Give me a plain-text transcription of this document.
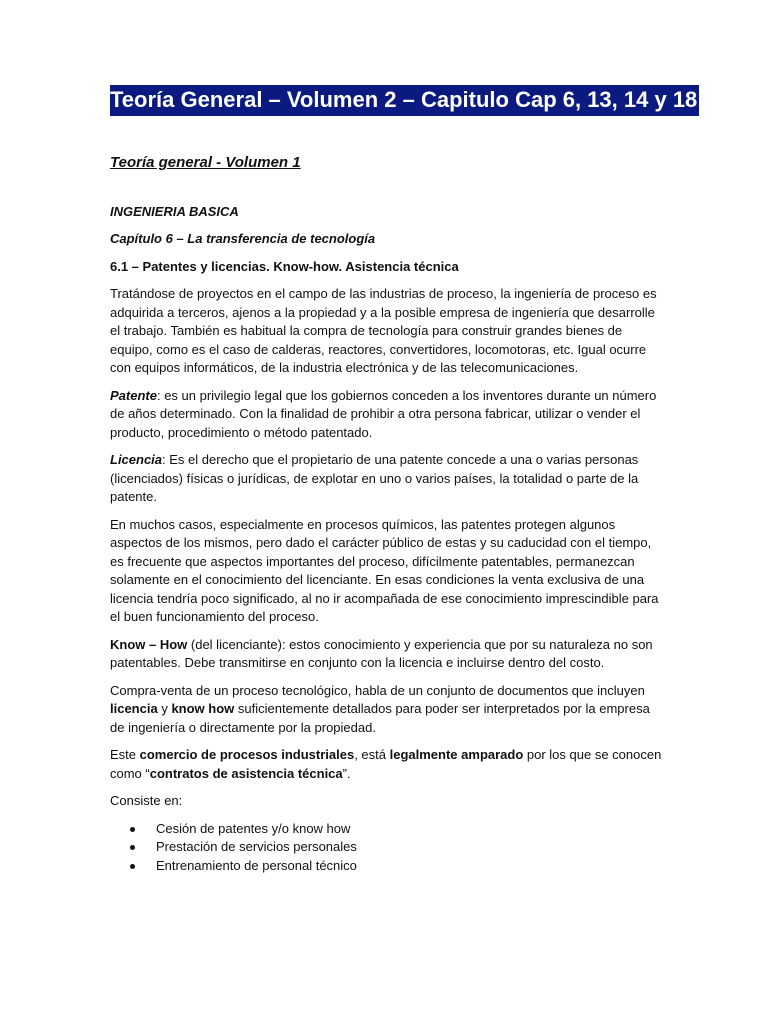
Teoría General – Volumen 2 – Capitulo Cap 6, 13, 14 y 18
Teoría general - Volumen 1
INGENIERIA BASICA
Capítulo 6 – La transferencia de tecnología
6.1 – Patentes y licencias. Know-how. Asistencia técnica

Tratándose de proyectos en el campo de las industrias de proceso, la ingeniería de proceso es adquirida a terceros, ajenos a la propiedad y a la posible empresa de ingeniería que desarrolle el trabajo. También es habitual la compra de tecnología para construir grandes bienes de equipo, como es el caso de calderas, reactores, convertidores, locomotoras, etc. Igual ocurre con equipos informáticos, de la industria electrónica y de las telecomunicaciones.

Patente: es un privilegio legal que los gobiernos conceden a los inventores durante un número de años determinado. Con la finalidad de prohibir a otra persona fabricar, utilizar o vender el producto, procedimiento o método patentado.

Licencia: Es el derecho que el propietario de una patente concede a una o varias personas (licenciados) físicas o jurídicas, de explotar en uno o varios países, la totalidad o parte de la patente.

En muchos casos, especialmente en procesos químicos, las patentes protegen algunos aspectos de los mismos, pero dado el carácter público de estas y su caducidad con el tiempo, es frecuente que aspectos importantes del proceso, difícilmente patentables, permanezcan solamente en el conocimiento del licenciante. En esas condiciones la venta exclusiva de una licencia tendría poco significado, al no ir acompañada de ese conocimiento imprescindible para el buen funcionamiento del proceso.

Know – How (del licenciante): estos conocimiento y experiencia que por su naturaleza no son patentables. Debe transmitirse en conjunto con la licencia e incluirse dentro del costo.

Compra-venta de un proceso tecnológico, habla de un conjunto de documentos que incluyen licencia y know how suficientemente detallados para poder ser interpretados por la empresa de ingeniería o directamente por la propiedad.

Este comercio de procesos industriales, está legalmente amparado por los que se conocen como “contratos de asistencia técnica”.

Consiste en:

Cesión de patentes y/o know how
Prestación de servicios personales
Entrenamiento de personal técnico
